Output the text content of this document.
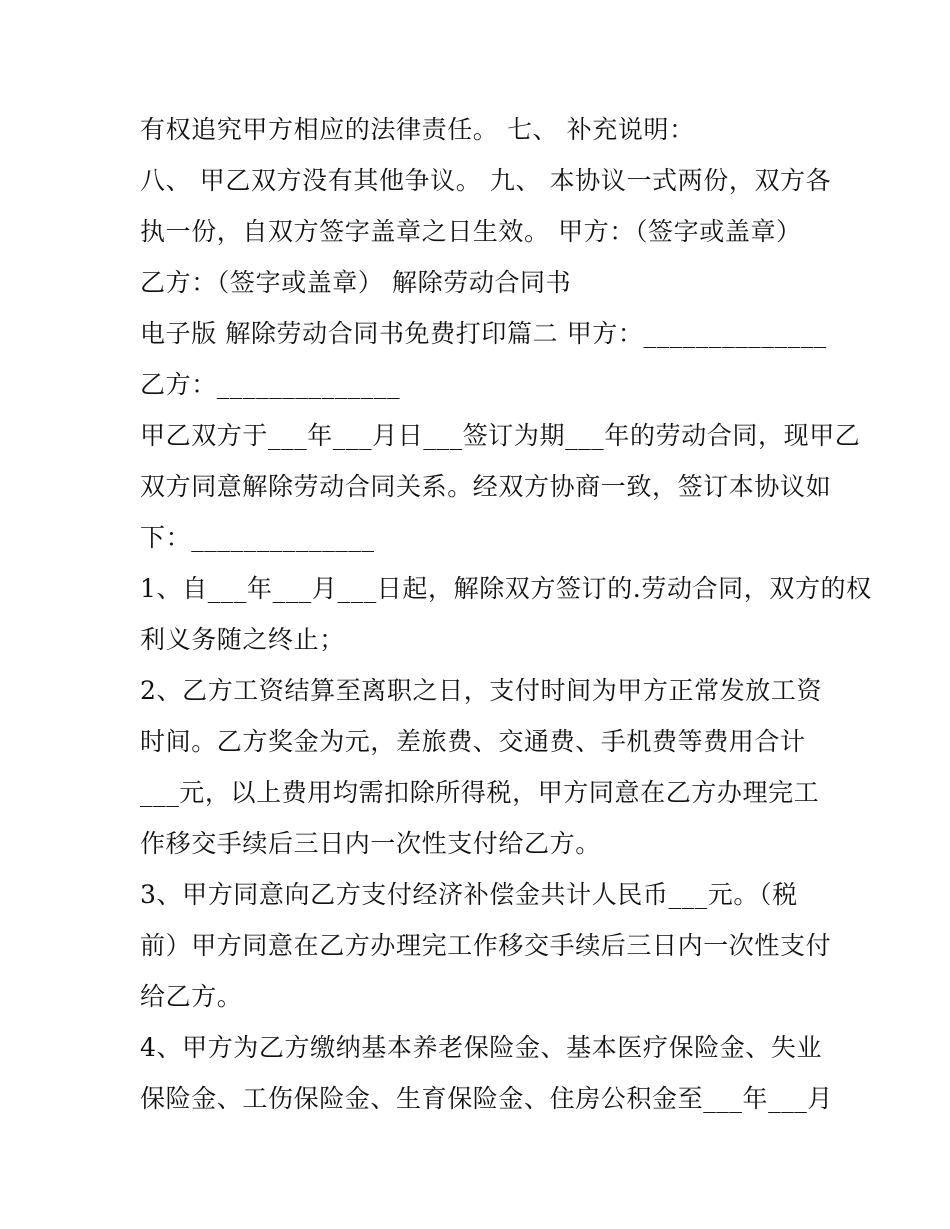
有权追究甲方相应的法律责任。 七、 补充说明：
八、 甲乙双方没有其他争议。 九、 本协议一式两份，双方各
执一份，自双方签字盖章之日生效。 甲方：（签字或盖章）
乙方：（签字或盖章） 解除劳动合同书
电子版 解除劳动合同书免费打印篇二 甲方：______________
乙方：______________
甲乙双方于___年___月日___签订为期___年的劳动合同，现甲乙
双方同意解除劳动合同关系。经双方协商一致，签订本协议如
下：______________
1、自___年___月___日起，解除双方签订的.劳动合同，双方的权
利义务随之终止；
2、乙方工资结算至离职之日，支付时间为甲方正常发放工资
时间。乙方奖金为元，差旅费、交通费、手机费等费用合计
___元，以上费用均需扣除所得税，甲方同意在乙方办理完工
作移交手续后三日内一次性支付给乙方。
3、甲方同意向乙方支付经济补偿金共计人民币___元。（税
前）甲方同意在乙方办理完工作移交手续后三日内一次性支付
给乙方。
4、甲方为乙方缴纳基本养老保险金、基本医疗保险金、失业
保险金、工伤保险金、生育保险金、住房公积金至___年___月
